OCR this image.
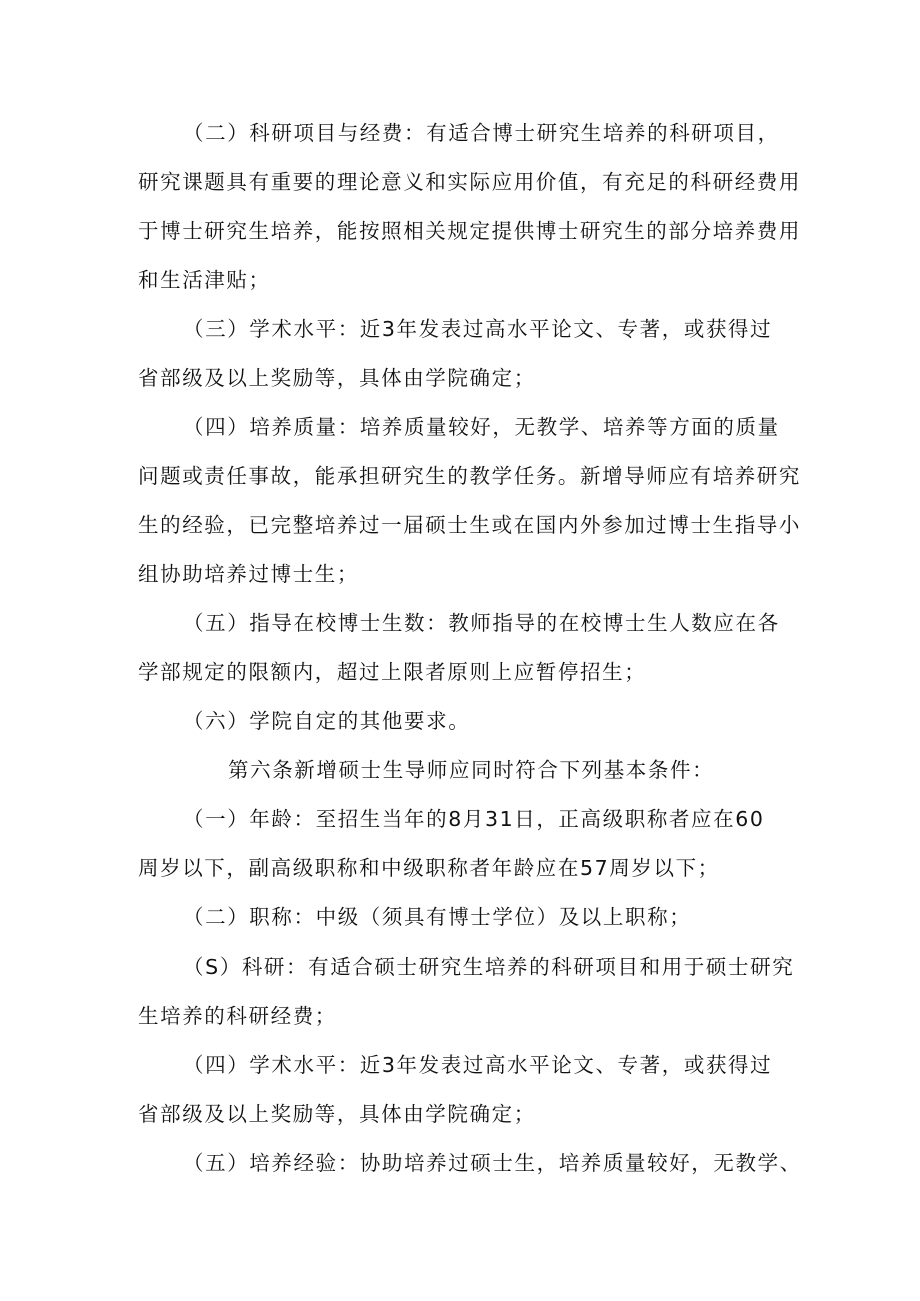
（二）科研项目与经费：有适合博士研究生培养的科研项目，
研究课题具有重要的理论意义和实际应用价值，有充足的科研经费用
于博士研究生培养，能按照相关规定提供博士研究生的部分培养费用
和生活津贴；
（三）学术水平：近3年发表过高水平论文、专著，或获得过
省部级及以上奖励等，具体由学院确定；
（四）培养质量：培养质量较好，无教学、培养等方面的质量
问题或责任事故，能承担研究生的教学任务。新增导师应有培养研究
生的经验，已完整培养过一届硕士生或在国内外参加过博士生指导小
组协助培养过博士生；
（五）指导在校博士生数：教师指导的在校博士生人数应在各
学部规定的限额内，超过上限者原则上应暂停招生；
（六）学院自定的其他要求。
第六条新增硕士生导师应同时符合下列基本条件：
（一）年龄：至招生当年的8月31日，正高级职称者应在60
周岁以下，副高级职称和中级职称者年龄应在57周岁以下；
（二）职称：中级（须具有博士学位）及以上职称；
（S）科研：有适合硕士研究生培养的科研项目和用于硕士研究
生培养的科研经费；
（四）学术水平：近3年发表过高水平论文、专著，或获得过
省部级及以上奖励等，具体由学院确定；
（五）培养经验：协助培养过硕士生，培养质量较好，无教学、
